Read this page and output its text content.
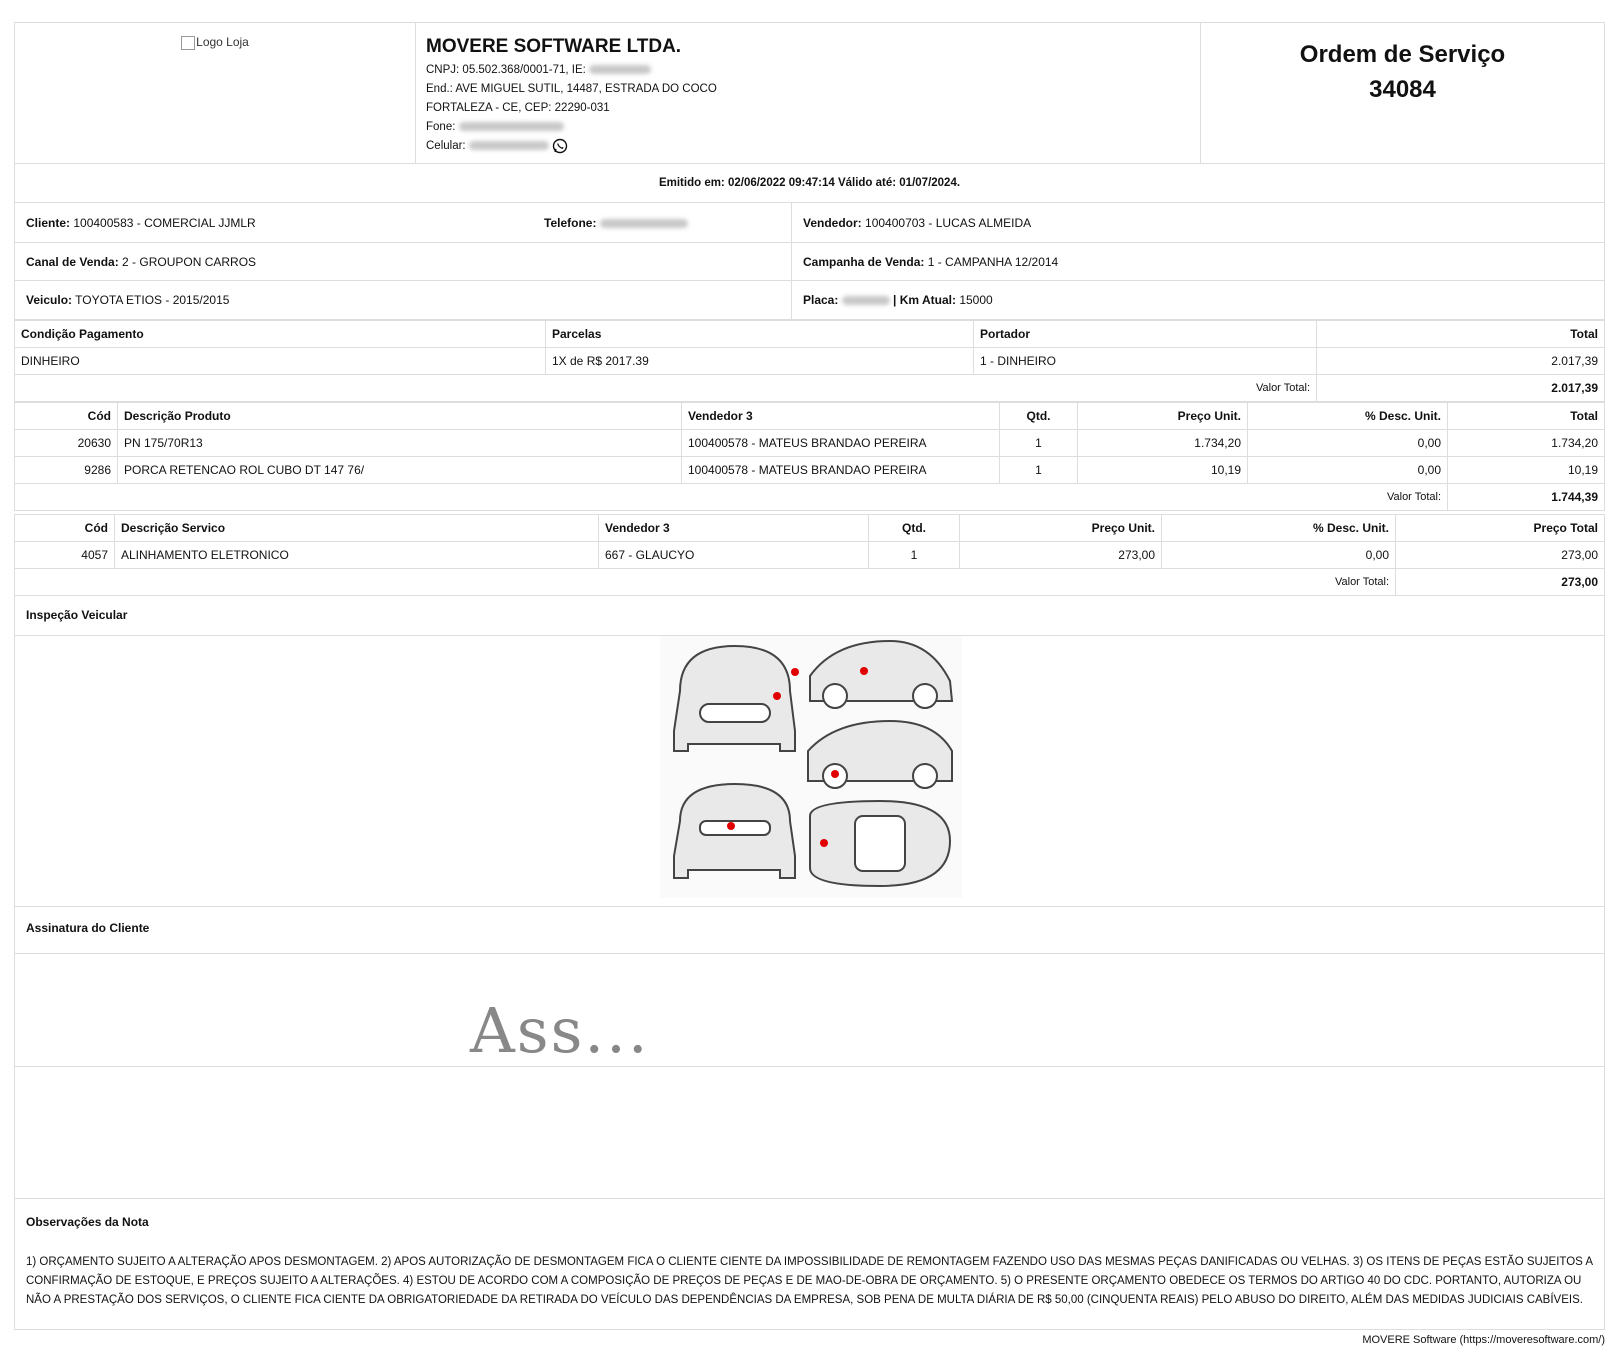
Logo Loja	MOVERE SOFTWARE LTDA.
CNPJ: 05.502.368/0001-71, IE:
End.: AVE MIGUEL SUTIL, 14487, ESTRADA DO COCO
FORTALEZA - CE, CEP: 22290-031
Fone:
Celular:
Ordem de Serviço
34084
Emitido em: 02/06/2022 09:47:14 Válido até: 01/07/2024.
Cliente: 100400583 - COMERCIAL JJMLR	Telefone:	Vendedor:
100400703 - LUCAS ALMEIDA
Canal de Venda: 2 - GROUPON CARROS	Campanha de Venda:
1 - CAMPANHA 12/2014
Veiculo: TOYOTA ETIOS - 2015/2015	Placa:

	| Km Atual:
15000
Condição Pagamento	Parcelas	Portador	Total
DINHEIRO	1X de R$ 2017.39	1 - DINHEIRO	2.017,39
Valor Total:			2.017,39
Cód	Descrição Produto	Vendedor 3	Qtd.	Preço Unit.	% Desc. Unit.	Total
20630	PN 175/70R13	100400578 - MATEUS BRANDAO PEREIRA	1	1.734,20	0,00	1.734,20
9286	PORCA RETENCAO ROL CUBO DT 147 76/	100400578 - MATEUS BRANDAO PEREIRA	1	10,19	0,00	10,19
Valor Total:						1.744,39
Cód	Descrição Servico	Vendedor 3	Qtd.	Preço Unit.	% Desc. Unit.	Preço Total
4057	ALINHAMENTO ELETRONICO	667 - GLAUCYO	1	273,00	0,00	273,00
Valor Total:						273,00
Inspeção Veicular
Assinatura do Cliente
Ass...
Observações da Nota
1) ORÇAMENTO SUJEITO A ALTERAÇÃO APOS DESMONTAGEM. 2) APOS AUTORIZAÇÃO DE DESMONTAGEM FICA O CLIENTE CIENTE DA IMPOSSIBILIDADE DE REMONTAGEM FAZENDO USO DAS MESMAS PEÇAS DANIFICADAS OU VELHAS. 3) OS ITENS DE PEÇAS ESTÃO SUJEITOS A CONFIRMAÇÃO DE ESTOQUE, E PREÇOS SUJEITO A ALTERAÇÕES. 4) ESTOU DE ACORDO COM A COMPOSIÇÃO DE PREÇOS DE PEÇAS E DE MAO-DE-OBRA DE ORÇAMENTO. 5) O PRESENTE ORÇAMENTO OBEDECE OS TERMOS DO ARTIGO 40 DO CDC. PORTANTO, AUTORIZA OU NÃO A PRESTAÇÃO DOS SERVIÇOS, O CLIENTE FICA CIENTE DA OBRIGATORIEDADE DA RETIRADA DO VEÍCULO DAS DEPENDÊNCIAS DA EMPRESA, SOB PENA DE MULTA DIÁRIA DE R$ 50,00 (CINQUENTA REAIS) PELO ABUSO DO DIREITO, ALÉM DAS MEDIDAS JUDICIAIS CABÍVEIS.
MOVERE Software (https://moveresoftware.com/)
